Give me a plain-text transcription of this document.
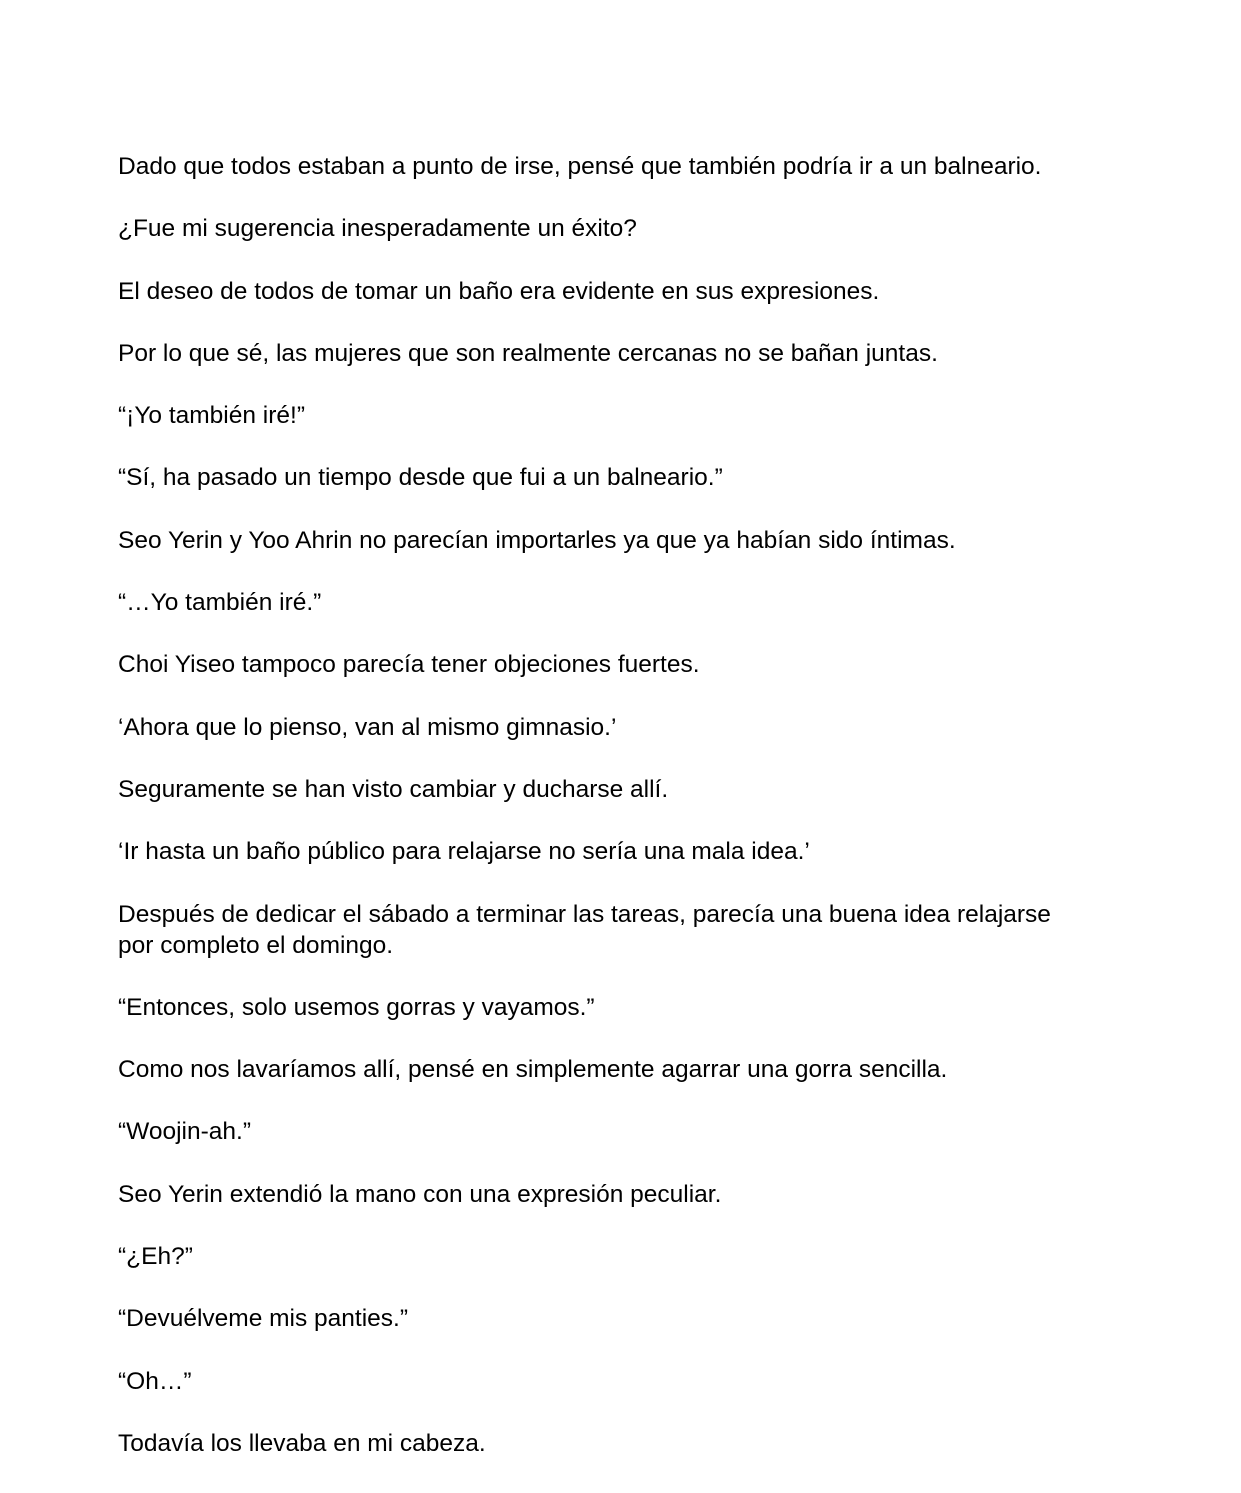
Dado que todos estaban a punto de irse, pensé que también podría ir a un balneario.

¿Fue mi sugerencia inesperadamente un éxito?

El deseo de todos de tomar un baño era evidente en sus expresiones.

Por lo que sé, las mujeres que son realmente cercanas no se bañan juntas.

“¡Yo también iré!”

“Sí, ha pasado un tiempo desde que fui a un balneario.”

Seo Yerin y Yoo Ahrin no parecían importarles ya que ya habían sido íntimas.

“…Yo también iré.”

Choi Yiseo tampoco parecía tener objeciones fuertes.

‘Ahora que lo pienso, van al mismo gimnasio.’

Seguramente se han visto cambiar y ducharse allí.

‘Ir hasta un baño público para relajarse no sería una mala idea.’

Después de dedicar el sábado a terminar las tareas, parecía una buena idea relajarse por completo el domingo.

“Entonces, solo usemos gorras y vayamos.”

Como nos lavaríamos allí, pensé en simplemente agarrar una gorra sencilla.

“Woojin-ah.”

Seo Yerin extendió la mano con una expresión peculiar.

“¿Eh?”

“Devuélveme mis panties.”

“Oh…”

Todavía los llevaba en mi cabeza.
